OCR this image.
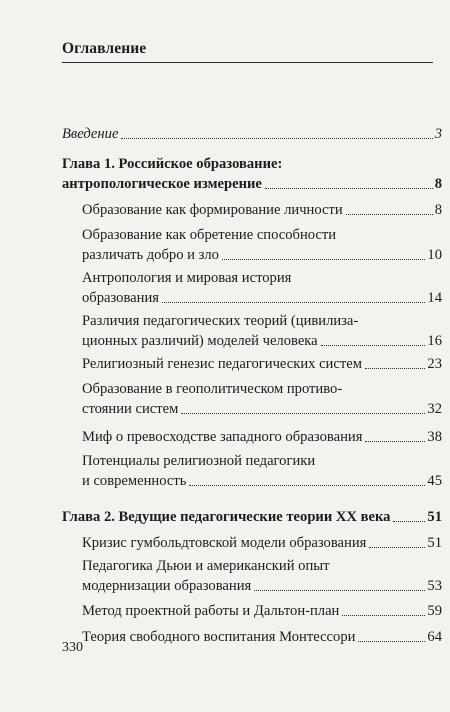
Оглавление
Введение	3
Глава 1. Российское образование:
антропологическое измерение	8
Образование как формирование личности	8
Образование как обретение способности
различать добро и зло	10
Антропология и мировая история
образования	14
Различия педагогических теорий (цивилиза-
ционных различий) моделей человека	16
Религиозный генезис педагогических систем	23
Образование в геополитическом противо-
стоянии систем	32
Миф о превосходстве западного образования	38
Потенциалы религиозной педагогики
и современность	45
Глава 2. Ведущие педагогические теории XX века	51
Кризис гумбольдтовской модели образования	51
Педагогика Дьюи и американский опыт
модернизации образования	53
Метод проектной работы и Дальтон-план	59
Теория свободного воспитания Монтессори	64
330
